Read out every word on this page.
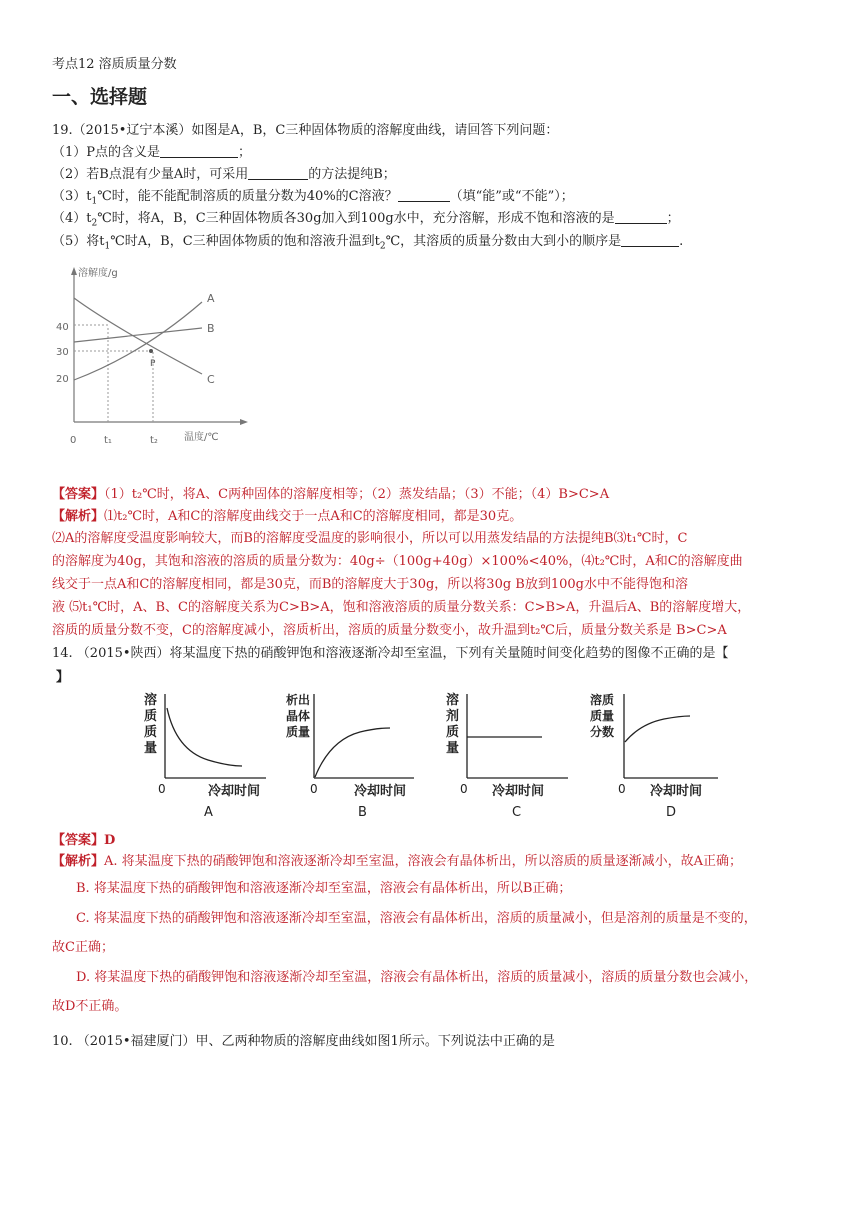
考点12 溶质质量分数
一、选择题
19.（2015•辽宁本溪）如图是A，B，C三种固体物质的溶解度曲线，请回答下列问题：
（1）P点的含义是	；
（2）若B点混有少量A时，可采用	的方法提纯B；
$(3)t_1℃$时，能不能配制溶质的质量分数为40%的C溶液？	（填“能”或“不能”）；
$(4)t_2℃$时，将A，B，C三种固体物质各30g加入到100g水中，充分溶解，形成不饱和溶液的是	；
（5）将$t_1℃$时A，B，C三种固体物质的饱和溶液升温到$t_2℃$，其溶质的质量分数由大到小的顺序是	.
溶解度/g
温度/℃
0
40
30
20
t₁	t₂
P
A
B
C
【答案】（1）t₂℃时，将A、C两种固体的溶解度相等；（2）蒸发结晶；（3）不能；（4）B>C>A
【解析】⑴t₂℃时，A和C的溶解度曲线交于一点A和C的溶解度相同，都是30克。
⑵A的溶解度受温度影响较大，而B的溶解度受温度的影响很小，所以可以用蒸发结晶的方法提纯B⑶t₁℃时，C
的溶解度为40g，其饱和溶液的溶质的质量分数为：40g÷（100g+40g）×100%<40%，⑷t₂℃时，A和C的溶解度曲
线交于一点A和C的溶解度相同，都是30克，而B的溶解度大于30g，所以将30g B放到100g水中不能得饱和溶
液 ⑸t₁℃时，A、B、C的溶解度关系为C>B>A，饱和溶液溶质的质量分数关系：C>B>A，升温后A、B的溶解度增大，
溶质的质量分数不变，C的溶解度减小，溶质析出，溶质的质量分数变小，故升温到t₂℃后，质量分数关系是 B>C>A
14. （2015•陕西）将某温度下热的硝酸钾饱和溶液逐渐冷却至室温，下列有关量随时间变化趋势的图像不正确的是【
】
溶
质
质
量
0	冷却时间
A
析出
晶体
质量
0	冷却时间
B
溶
剂
质
量
0 冷却时间
C
溶质
质量
分数
0 冷却时间
D
【答案】D
【解析】A. 将某温度下热的硝酸钾饱和溶液逐渐冷却至室温，溶液会有晶体析出，所以溶质的质量逐渐减小，故A正确；
B. 将某温度下热的硝酸钾饱和溶液逐渐冷却至室温，溶液会有晶体析出，所以B正确；
C. 将某温度下热的硝酸钾饱和溶液逐渐冷却至室温，溶液会有晶体析出，溶质的质量减小，但是溶剂的质量是不变的，
故C正确；
D. 将某温度下热的硝酸钾饱和溶液逐渐冷却至室温，溶液会有晶体析出，溶质的质量减小，溶质的质量分数也会减小，
故D不正确。
10. （2015•福建厦门）甲、乙两种物质的溶解度曲线如图1所示。下列说法中正确的是
